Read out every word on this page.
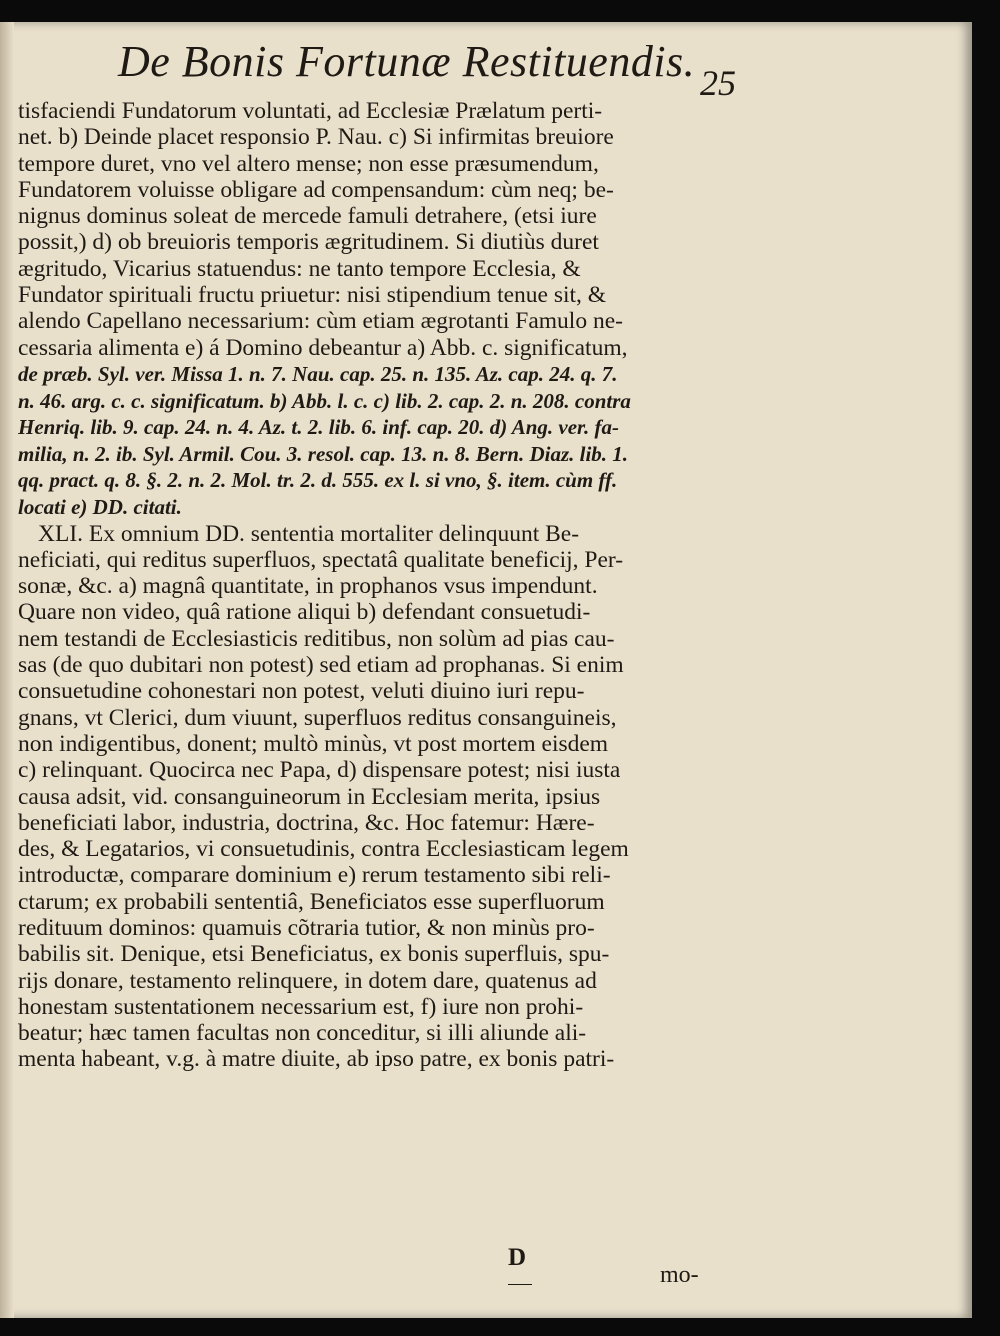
De Bonis Fortunæ Restituendis. 25
tisfaciendi Fundatorum voluntati, ad Ecclesiæ Prælatum perti-
net. b) Deinde placet responsio P. Nau. c) Si infirmitas breuiore
tempore duret, vno vel altero mense; non esse præsumendum,
Fundatorem voluisse obligare ad compensandum: cùm neq; be-
nignus dominus soleat de mercede famuli detrahere, (etsi iure
possit,) d) ob breuioris temporis ægritudinem. Si diutiùs duret
ægritudo, Vicarius statuendus: ne tanto tempore Ecclesia, &
Fundator spirituali fructu priuetur: nisi stipendium tenue sit, &
alendo Capellano necessarium: cùm etiam ægrotanti Famulo ne-
cessaria alimenta e) á Domino debeantur a) Abb. c. significatum,
de præb. Syl. ver. Missa 1. n. 7. Nau. cap. 25. n. 135. Az. cap. 24. q. 7.
n. 46. arg. c. c. significatum. b) Abb. l. c. c) lib. 2. cap. 2. n. 208. contra
Henriq. lib. 9. cap. 24. n. 4. Az. t. 2. lib. 6. inf. cap. 20. d) Ang. ver. fa-
milia, n. 2. ib. Syl. Armil. Cou. 3. resol. cap. 13. n. 8. Bern. Diaz. lib. 1.
qq. pract. q. 8. §. 2. n. 2. Mol. tr. 2. d. 555. ex l. si vno, §. item. cùm ff.
locati e) DD. citati.
XLI. Ex omnium DD. sententia mortaliter delinquunt Be-
neficiati, qui reditus superfluos, spectatâ qualitate beneficij, Per-
sonæ, &c. a) magnâ quantitate, in prophanos vsus impendunt.
Quare non video, quâ ratione aliqui b) defendant consuetudi-
nem testandi de Ecclesiasticis reditibus, non solùm ad pias cau-
sas (de quo dubitari non potest) sed etiam ad prophanas. Si enim
consuetudine cohonestari non potest, veluti diuino iuri repu-
gnans, vt Clerici, dum viuunt, superfluos reditus consanguineis,
non indigentibus, donent; multò minùs, vt post mortem eisdem
c) relinquant. Quocirca nec Papa, d) dispensare potest; nisi iusta
causa adsit, vid. consanguineorum in Ecclesiam merita, ipsius
beneficiati labor, industria, doctrina, &c. Hoc fatemur: Hære-
des, & Legatarios, vi consuetudinis, contra Ecclesiasticam legem
introductæ, comparare dominium e) rerum testamento sibi reli-
ctarum; ex probabili sententiâ, Beneficiatos esse superfluorum
redituum dominos: quamuis cõtraria tutior, & non minùs pro-
babilis sit. Denique, etsi Beneficiatus, ex bonis superfluis, spu-
rijs donare, testamento relinquere, in dotem dare, quatenus ad
honestam sustentationem necessarium est, f) iure non prohi-
beatur; hæc tamen facultas non conceditur, si illi aliunde ali-
menta habeant, v.g. à matre diuite, ab ipso patre, ex bonis patri-
D
mo-
